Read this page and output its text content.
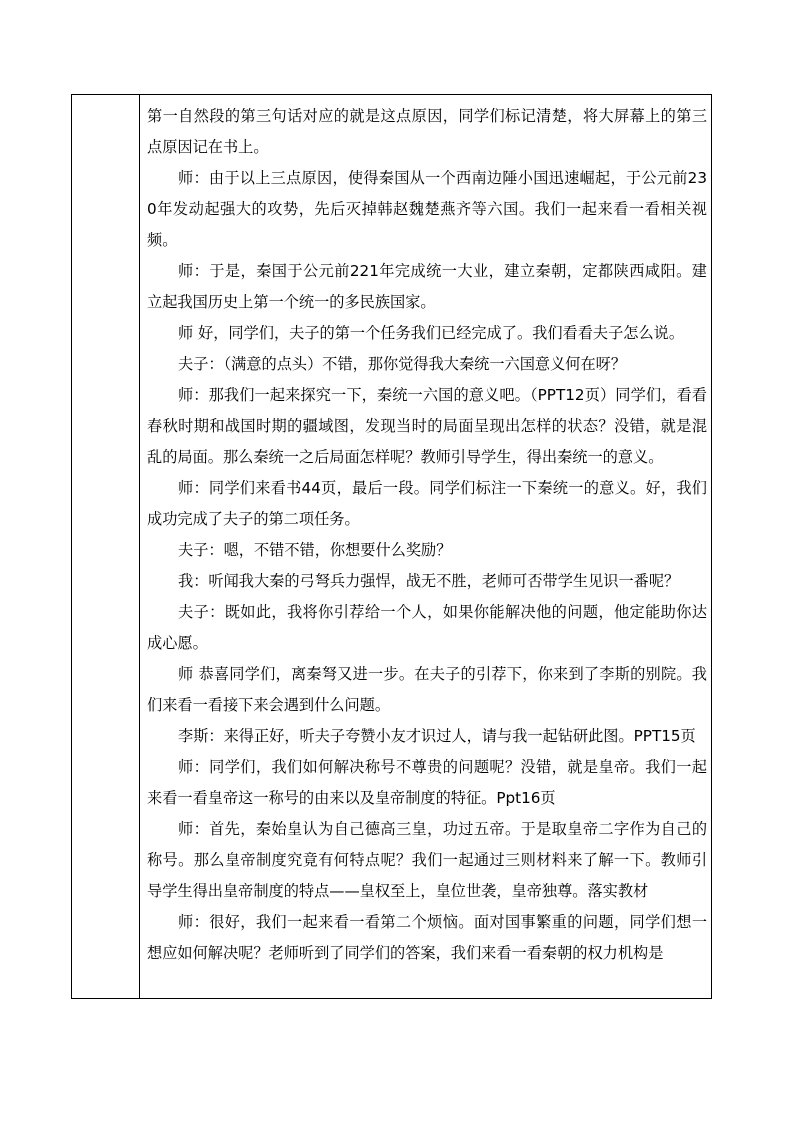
第一自然段的第三句话对应的就是这点原因，同学们标记清楚，将大屏幕上的第三点原因记在书上。

师：由于以上三点原因，使得秦国从一个西南边陲小国迅速崛起，于公元前230年发动起强大的攻势，先后灭掉韩赵魏楚燕齐等六国。我们一起来看一看相关视频。

师：于是，秦国于公元前221年完成统一大业，建立秦朝，定都陕西咸阳。建立起我国历史上第一个统一的多民族国家。

师 好，同学们，夫子的第一个任务我们已经完成了。我们看看夫子怎么说。

夫子：（满意的点头）不错，那你觉得我大秦统一六国意义何在呀？

师：那我们一起来探究一下，秦统一六国的意义吧。（PPT12页）同学们，看看春秋时期和战国时期的疆域图，发现当时的局面呈现出怎样的状态？没错，就是混乱的局面。那么秦统一之后局面怎样呢？教师引导学生，得出秦统一的意义。

师：同学们来看书44页，最后一段。同学们标注一下秦统一的意义。好，我们成功完成了夫子的第二项任务。

夫子：嗯，不错不错，你想要什么奖励？

我：听闻我大秦的弓弩兵力强悍，战无不胜，老师可否带学生见识一番呢？

夫子：既如此，我将你引荐给一个人，如果你能解决他的问题，他定能助你达成心愿。

师 恭喜同学们，离秦弩又进一步。在夫子的引荐下，你来到了李斯的别院。我们来看一看接下来会遇到什么问题。

李斯：来得正好，听夫子夸赞小友才识过人，请与我一起钻研此图。PPT15页

师：同学们，我们如何解决称号不尊贵的问题呢？没错，就是皇帝。我们一起来看一看皇帝这一称号的由来以及皇帝制度的特征。Ppt16页

师：首先，秦始皇认为自己德高三皇，功过五帝。于是取皇帝二字作为自己的称号。那么皇帝制度究竟有何特点呢？我们一起通过三则材料来了解一下。教师引导学生得出皇帝制度的特点——皇权至上，皇位世袭，皇帝独尊。落实教材

师：很好，我们一起来看一看第二个烦恼。面对国事繁重的问题，同学们想一想应如何解决呢？老师听到了同学们的答案，我们来看一看秦朝的权力机构是
